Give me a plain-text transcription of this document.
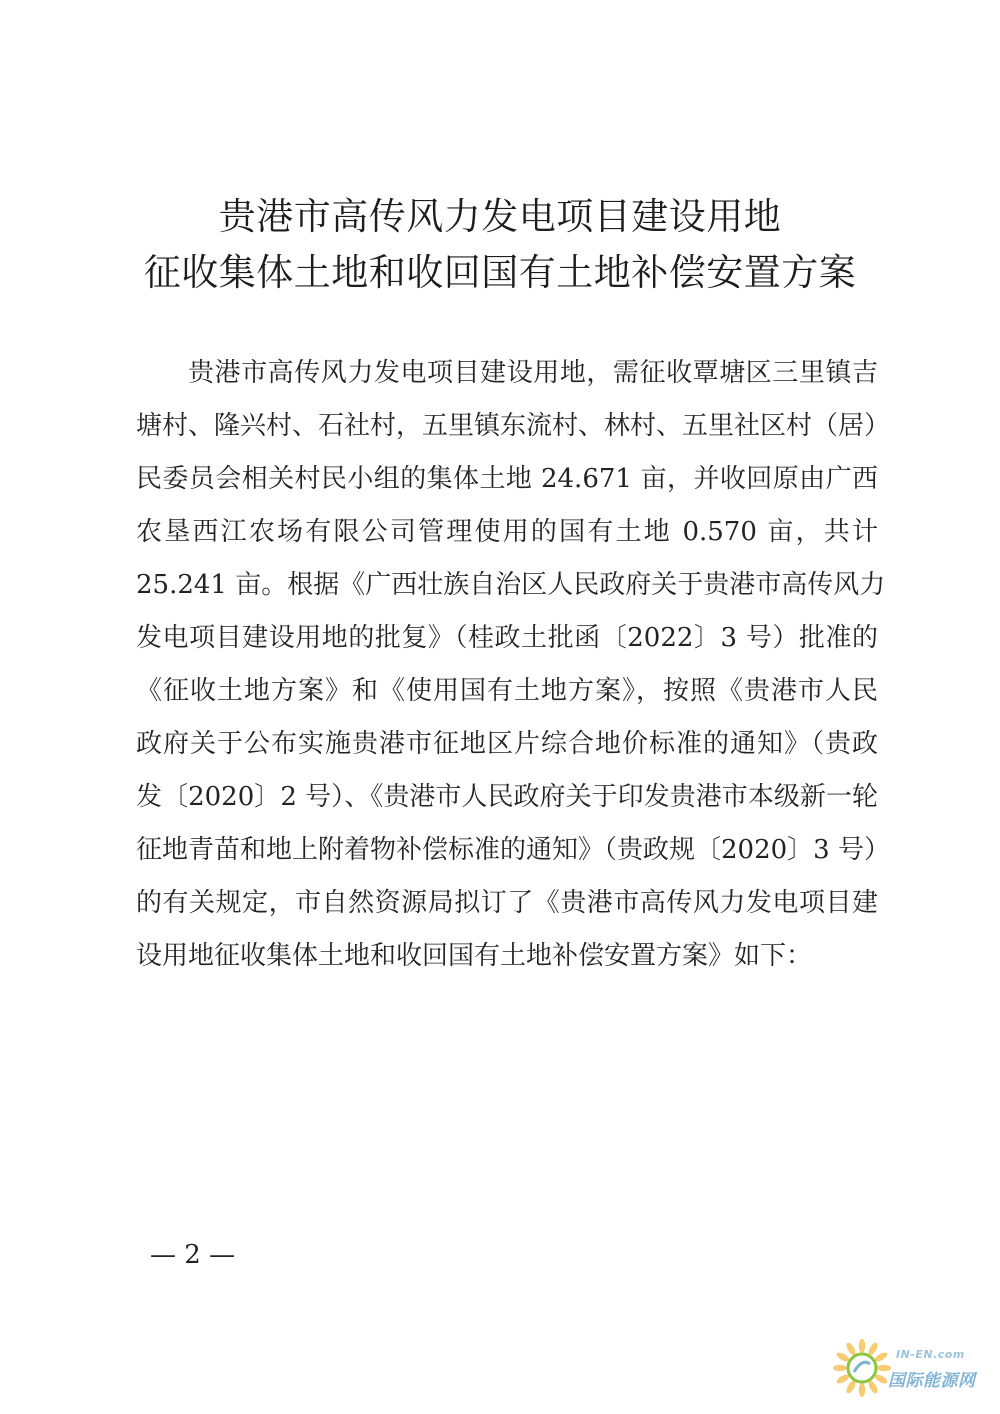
贵港市高传风力发电项目建设用地
征收集体土地和收回国有土地补偿安置方案
贵港市高传风力发电项目建设用地，需征收覃塘区三里镇吉
塘村、隆兴村、石社村，五里镇东流村、林村、五里社区村（居）
民委员会相关村民小组的集体土地 24.671 亩，并收回原由广西
农垦西江农场有限公司管理使用的国有土地 0.570 亩，共计
25.241 亩。根据《广西壮族自治区人民政府关于贵港市高传风力
发电项目建设用地的批复》（桂政土批函〔2022〕3 号）批准的
《征收土地方案》和《使用国有土地方案》，按照《贵港市人民
政府关于公布实施贵港市征地区片综合地价标准的通知》（贵政
发〔2020〕2 号）、《贵港市人民政府关于印发贵港市本级新一轮
征地青苗和地上附着物补偿标准的通知》（贵政规〔2020〕3 号）
的有关规定，市自然资源局拟订了《贵港市高传风力发电项目建
设用地征收集体土地和收回国有土地补偿安置方案》如下：
— 2 —
IN-EN.com
国际能源网
